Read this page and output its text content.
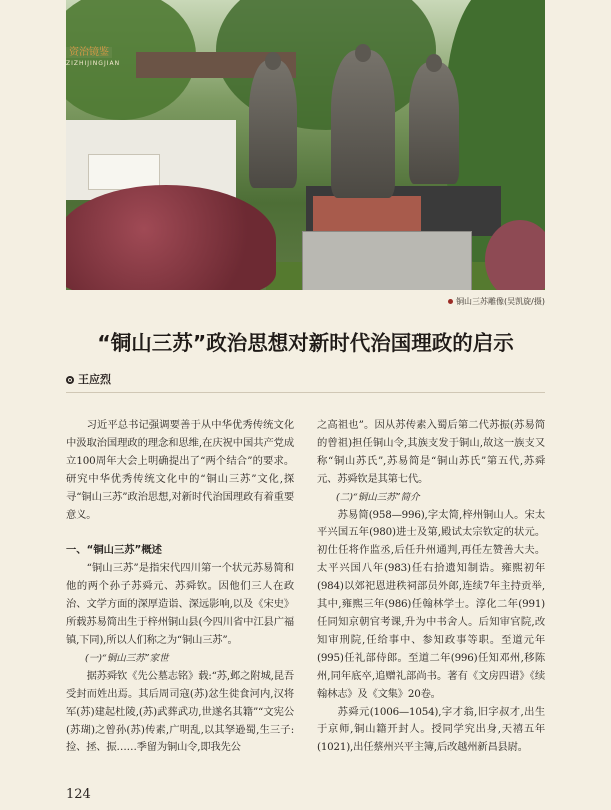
资治镜鉴
ZIZHIJINGJIAN
铜山三苏雕像(吴凯旋/摄)
“铜山三苏”政治思想对新时代治国理政的启示
王应烈

习近平总书记强调要善于从中华优秀传统文化中汲取治国理政的理念和思维,在庆祝中国共产党成立100周年大会上明确提出了“两个结合”的要求。研究中华优秀传统文化中的“铜山三苏”文化,探寻“铜山三苏”政治思想,对新时代治国理政有着重要意义。

一、“铜山三苏”概述

“铜山三苏”是指宋代四川第一个状元苏易简和他的两个孙子苏舜元、苏舜钦。因他们三人在政治、文学方面的深厚造诣、深远影响,以及《宋史》所载苏易简出生于梓州铜山县(今四川省中江县广福镇,下同),所以人们称之为“铜山三苏”。

(一)“铜山三苏”家世

据苏舜钦《先公墓志铭》载:“苏,邺之附城,昆吾受封而姓出焉。其后周司寇(苏)忿生徙食河内,汉将军(苏)建起杜陵,(苏)武葬武功,世遂名其籍”“文宪公(苏瑚)之曾孙(苏)传素,广明乱,以其孥逊蜀,生三子:捡、拯、振……季留为铜山令,即我先公

之高祖也”。因从苏传素入蜀后第二代苏振(苏易简的曾祖)担任铜山令,其族支发于铜山,故这一族支又称“铜山苏氏”,苏易简是“铜山苏氏”第五代,苏舜元、苏舜钦是其第七代。

(二)“铜山三苏”简介

苏易简(958—996),字太简,梓州铜山人。宋太平兴国五年(980)进士及第,殿试太宗钦定的状元。初仕任将作监丞,后任升州通判,再任左赞善大夫。太平兴国八年(983)任右拾遗知制诰。雍熙初年(984)以郊祀恩进秩祠部员外郎,连续7年主持贡举,其中,雍熙三年(986)任翰林学士。淳化二年(991)任同知京朝官考课,升为中书舍人。后知审官院,改知审刑院,任给事中、参知政事等职。至道元年(995)任礼部侍郎。至道二年(996)任知邓州,移陈州,同年底卒,追赠礼部尚书。著有《文房四谱》《续翰林志》及《文集》20卷。

苏舜元(1006—1054),字才翁,旧字叔才,出生于京师,铜山籍开封人。授同学究出身,天禧五年(1021),出任蔡州兴平主簿,后改越州新昌县尉。

124
